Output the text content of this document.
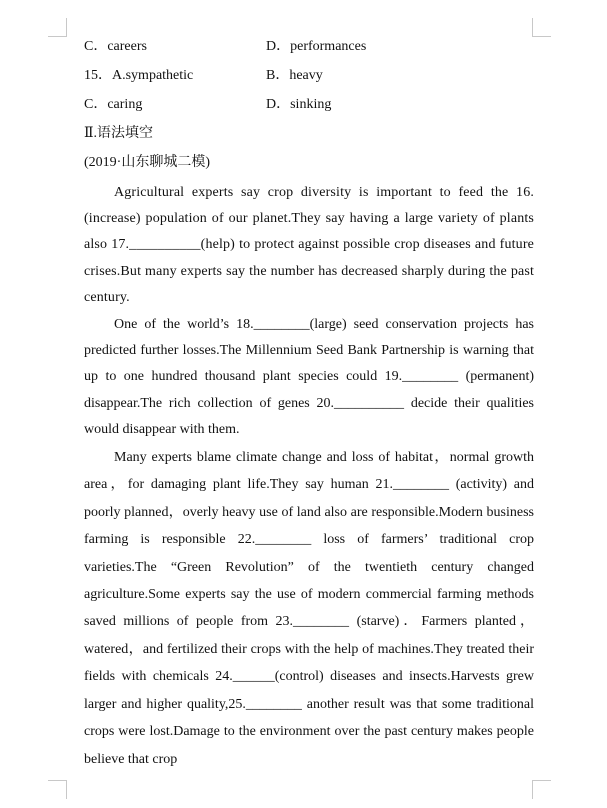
C．careers	D．performances
15．A.sympathetic	B．heavy
C．caring	D．sinking
Ⅱ.语法填空
(2019·山东聊城二模)

Agricultural experts say crop diversity is important to feed the 16.(increase) population of our planet.They say having a large variety of plants also 17.__________(help) to protect against possible crop diseases and future crises.But many experts say the number has decreased sharply during the past century.

One of the world’s 18.________(large) seed conservation projects has predicted further losses.The Millennium Seed Bank Partnership is warning that up to one hundred thousand plant species could 19.________ (permanent) disappear.The rich collection of genes 20.__________ decide their qualities would disappear with them.

Many experts blame climate change and loss of habitat，normal growth area，for damaging plant life.They say human 21.________ (activity) and poorly planned，overly heavy use of land also are responsible.Modern business farming is responsible 22.________ loss of farmers’ traditional crop varieties.The “Green Revolution” of the twentieth century changed agriculture.Some experts say the use of modern commercial farming methods saved millions of people from 23.________ (starve)．Farmers planted，watered，and fertilized their crops with the help of machines.They treated their fields with chemicals 24.______(control) diseases and insects.Harvests grew larger and higher quality,25.________ another result was that some traditional crops were lost.Damage to the environment over the past century makes people believe that crop
